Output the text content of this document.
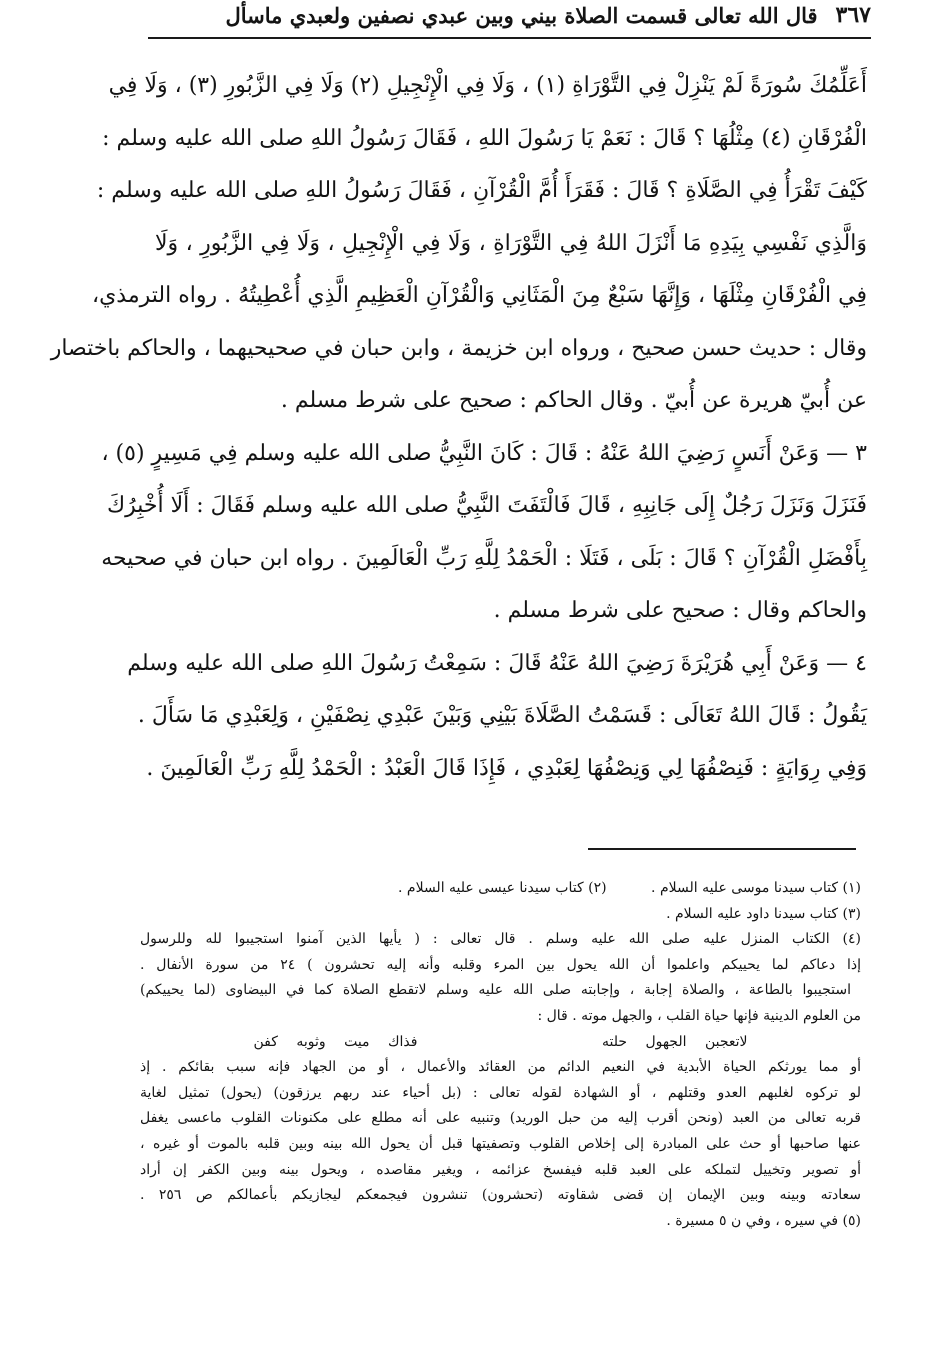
٣٦٧
قال الله تعالى قسمت الصلاة بيني وبين عبدي نصفين ولعبدي ماسأل
أَعَلِّمُكَ سُورَةً لَمْ يَنْزِلْ فِي التَّوْرَاةِ (١) ، وَلَا فِي الْإِنْجِيلِ (٢) وَلَا فِي الزَّبُورِ (٣) ، وَلَا فِي
الْفُرْقَانِ (٤) مِثْلُهَا ؟ قَالَ : نَعَمْ يَا رَسُولَ اللهِ ، فَقَالَ رَسُولُ اللهِ صلى الله عليه وسلم :
كَيْفَ تَقْرَأُ فِي الصَّلَاةِ ؟ قَالَ : فَقَرَأَ أُمَّ الْقُرْآنِ ، فَقَالَ رَسُولُ اللهِ صلى الله عليه وسلم :
وَالَّذِي نَفْسِي بِيَدِهِ مَا أَنْزَلَ اللهُ فِي التَّوْرَاةِ ، وَلَا فِي الْإِنْجِيلِ ، وَلَا فِي الزَّبُورِ ، وَلَا
فِي الْفُرْقَانِ مِثْلَهَا ، وَإِنَّهَا سَبْعٌ مِنَ الْمَثَانِي وَالْقُرْآنِ الْعَظِيمِ الَّذِي أُعْطِيتُهُ . رواه الترمذي،
وقال : حديث حسن صحيح ، ورواه ابن خزيمة ، وابن حبان في صحيحيهما ، والحاكم باختصار
عن أُبيّ هريرة عن أُبيّ . وقال الحاكم : صحيح على شرط مسلم .
٣ — وَعَنْ أَنَسٍ رَضِيَ اللهُ عَنْهُ : قَالَ : كَانَ النَّبِيُّ صلى الله عليه وسلم فِي مَسِيرٍ (٥) ،
فَنَزَلَ وَنَزَلَ رَجُلٌ إِلَى جَانِبِهِ ، قَالَ فَالْتَفَتَ النَّبِيُّ صلى الله عليه وسلم فَقَالَ : أَلَا أُخْبِرُكَ
بِأَفْضَلِ الْقُرْآنِ ؟ قَالَ : بَلَى ، فَتَلَا : الْحَمْدُ لِلَّهِ رَبِّ الْعَالَمِينَ . رواه ابن حبان في صحيحه
والحاكم وقال : صحيح على شرط مسلم .
٤ — وَعَنْ أَبِي هُرَيْرَةَ رَضِيَ اللهُ عَنْهُ قَالَ : سَمِعْتُ رَسُولَ اللهِ صلى الله عليه وسلم
يَقُولُ : قَالَ اللهُ تَعَالَى : قَسَمْتُ الصَّلَاةَ بَيْنِي وَبَيْنَ عَبْدِي نِصْفَيْنِ ، وَلِعَبْدِي مَا سَأَلَ .
وَفِي رِوَايَةٍ : فَنِصْفُهَا لِي وَنِصْفُهَا لِعَبْدِي ، فَإِذَا قَالَ الْعَبْدُ : الْحَمْدُ لِلَّهِ رَبِّ الْعَالَمِينَ .
(١) كتاب سيدنا موسى عليه السلام .          (٢) كتاب سيدنا عيسى عليه السلام .
(٣) كتاب سيدنا داود عليه السلام .
(٤) الكتاب المنزل عليه صلى الله عليه وسلم . قال تعالى : ( يأيها الذين آمنوا استجيبوا لله وللرسول
إذا دعاكم لما يحييكم واعلموا أن الله يحول بين المرء وقلبه وأنه إليه تحشرون ) ٢٤ من سورة الأنفال .
استجيبوا بالطاعة ، والصلاة إجابة ، وإجابته صلى الله عليه وسلم لاتقطع الصلاة كما في البيضاوى (لما يحييكم)
من العلوم الدينية فإنها حياة القلب ، والجهل موته . قال :
لاتعجبن الجهول حلته          فذاك ميت وثوبه كفن
أو مما يورثكم الحياة الأبدية في النعيم الدائم من العقائد والأعمال ، أو من الجهاد فإنه سبب بقائكم . إذ
لو تركوه لغلبهم العدو وقتلهم ، أو الشهادة لقوله تعالى : (بل أحياء عند ربهم يرزقون) (يحول) تمثيل لغاية
قربه تعالى من العبد (ونحن أقرب إليه من حبل الوريد) وتنبيه على أنه مطلع على مكنونات القلوب ماعسى يغفل
عنها صاحبها أو حث على المبادرة إلى إخلاص القلوب وتصفيتها قبل أن يحول الله بينه وبين قلبه بالموت أو غيره ،
أو تصوير وتخييل لتملكه على العبد قلبه فيفسخ عزائمه ، ويغير مقاصده ، ويحول بينه وبين الكفر إن أراد
سعادته وبينه وبين الإيمان إن قضى شقاوته (تحشرون) تنشرون فيجمعكم ليجازيكم بأعمالكم ص ٢٥٦ .
(٥) في سيره ، وفي ن ٥ مسيرة .
